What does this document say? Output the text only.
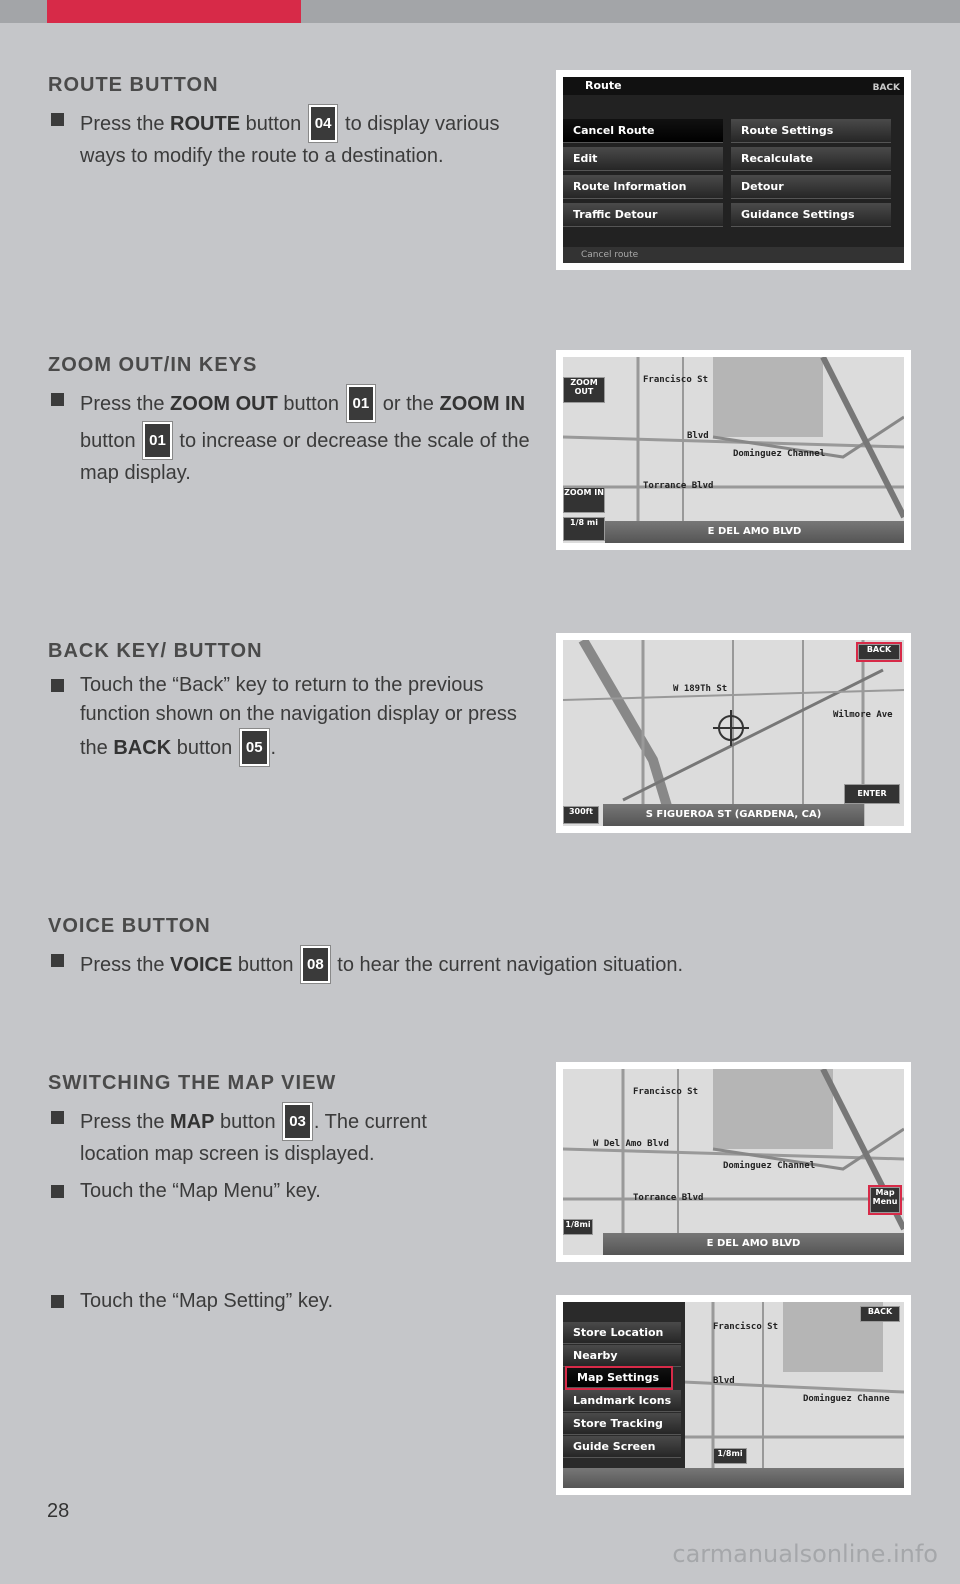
ROUTE BUTTON
Press the ROUTE button 04 to display various ways to modify the route to a destination.
Route	BACK
Cancel Route
Edit
Route Information
Traffic Detour
Route Settings
Recalculate
Detour
Guidance Settings
Cancel route
ZOOM OUT/IN KEYS
Press the ZOOM OUT button 01 or the ZOOM IN button 01 to increase or decrease the scale of the map display.
ZOOM OUT
ZOOM IN
1/8 mi
Francisco St
Blvd
Dominguez Channel
Torrance Blvd
E DEL AMO BLVD
BACK KEY/ BUTTON
Touch the “Back” key to return to the previous function shown on the navigation display or press the BACK button 05 .
BACK
ENTER
W 189Th St
Wilmore Ave
300ft	S FIGUEROA ST (GARDENA, CA)
VOICE BUTTON
Press the VOICE button 08 to hear the current navigation situation.
SWITCHING THE MAP VIEW
Press the MAP button 03 . The current location map screen is displayed.
Touch the “Map Menu” key.
Touch the “Map Setting” key.
Francisco St
W Del Amo Blvd
Dominguez Channel
Torrance Blvd
Map Menu
1/8mi
E DEL AMO BLVD
Store Location
Nearby
Map Settings
Landmark Icons
Store Tracking
Guide Screen
Francisco St
Blvd
Dominguez Channe
BACK
1/8mi
28
carmanualsonline.info
